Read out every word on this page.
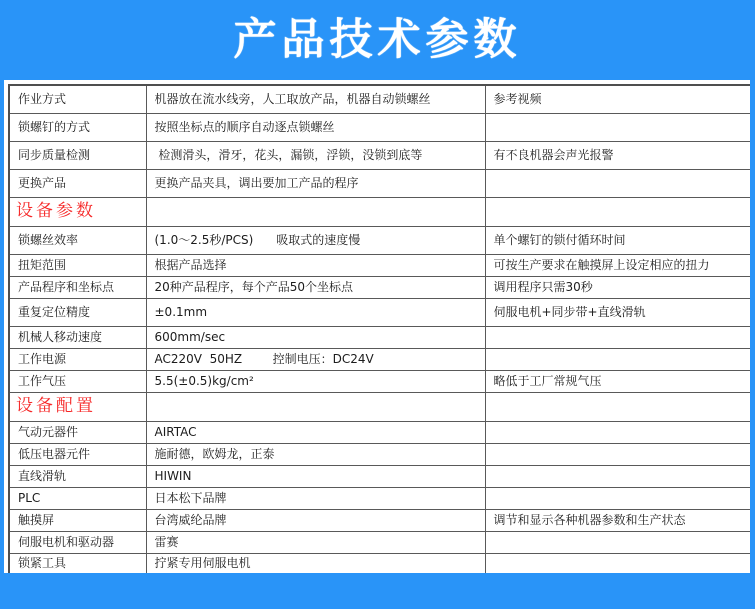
产品技术参数
作业方式	机器放在流水线旁，人工取放产品，机器自动锁螺丝	参考视频
锁螺钉的方式	按照坐标点的顺序自动逐点锁螺丝	
同步质量检测	检测滑头，滑牙，花头，漏锁，浮锁，没锁到底等	有不良机器会声光报警
更换产品	更换产品夹具，调出要加工产品的程序	
设备参数		
锁螺丝效率	(1.0～2.5秒/PCS)      吸取式的速度慢	单个螺钉的锁付循环时间
扭矩范围	根据产品选择	可按生产要求在触摸屏上设定相应的扭力
产品程序和坐标点	20种产品程序，每个产品50个坐标点	调用程序只需30秒
重复定位精度	±0.1mm	伺服电机+同步带+直线滑轨
机械人移动速度	600mm/sec	
工作电源	AC220V  50HZ        控制电压：DC24V	
工作气压	5.5(±0.5)kg/cm²	略低于工厂常规气压
设备配置		
气动元器件	AIRTAC	
低压电器元件	施耐德，欧姆龙，正泰	
直线滑轨	HIWIN	
PLC	日本松下品牌	
触摸屏	台湾威纶品牌	调节和显示各种机器参数和生产状态
伺服电机和驱动器	雷赛	
锁紧工具	拧紧专用伺服电机	
